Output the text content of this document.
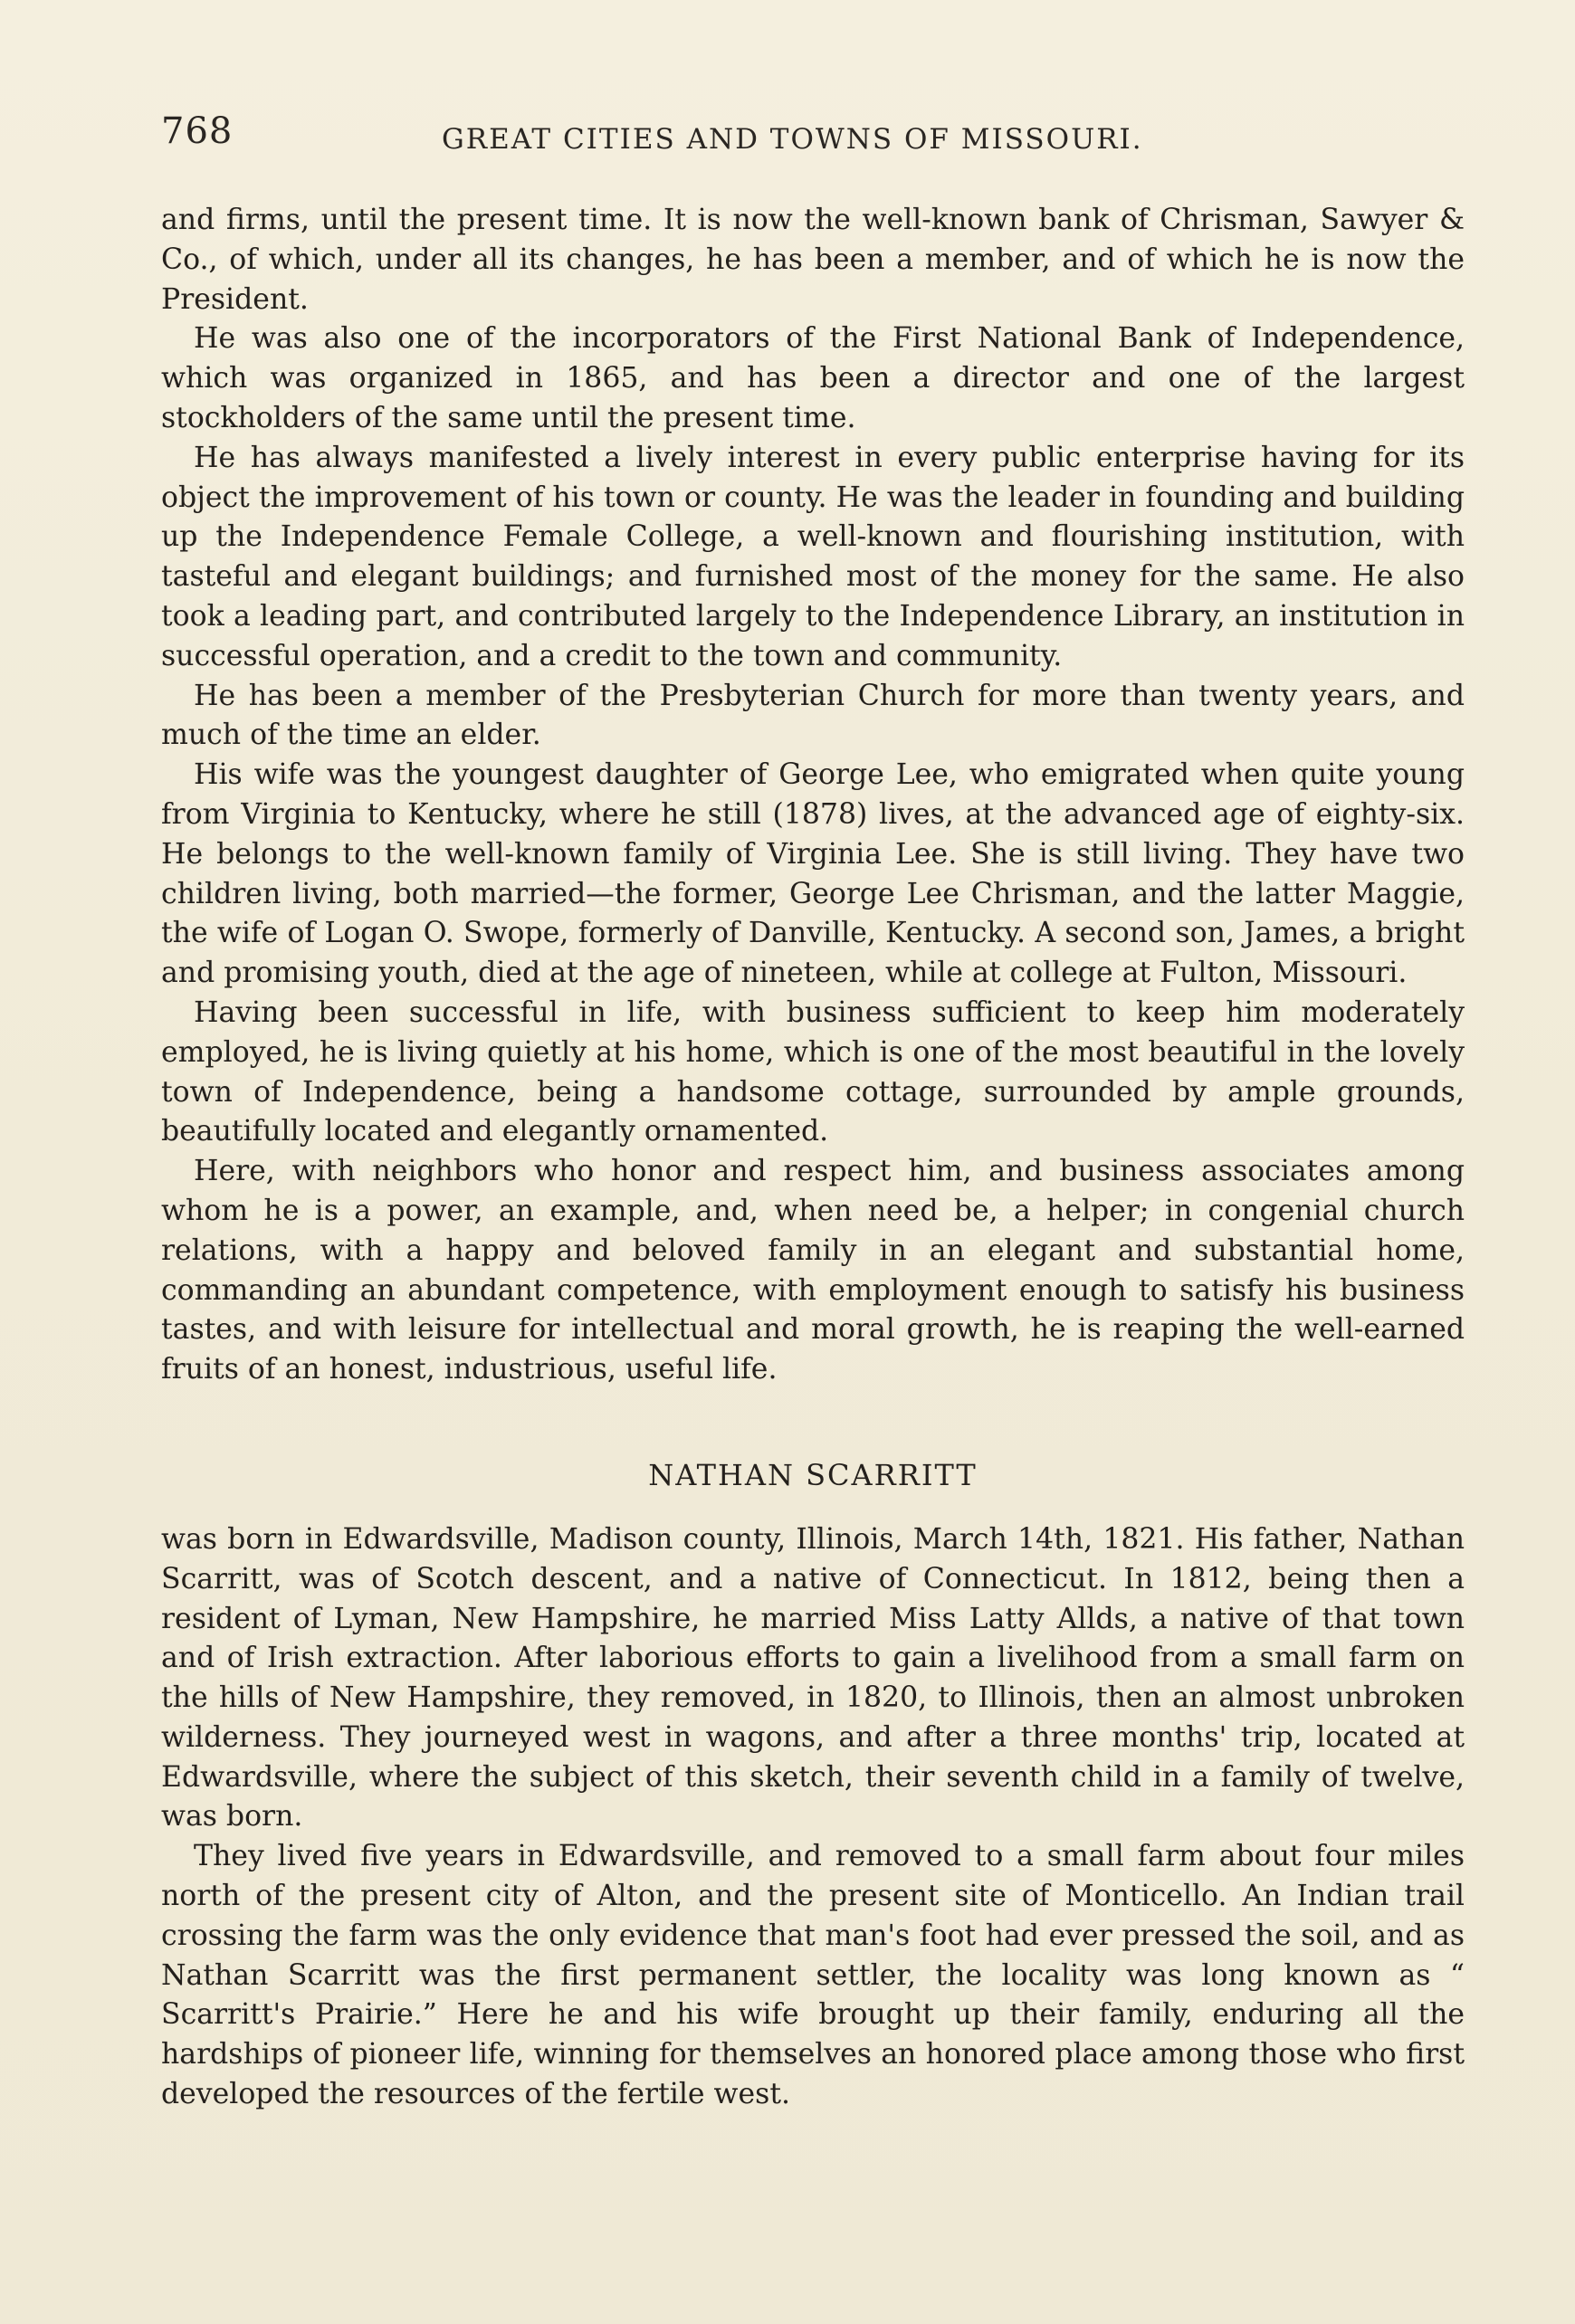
768	GREAT CITIES AND TOWNS OF MISSOURI.

and firms, until the present time. It is now the well-known bank of Chrisman, Sawyer & Co., of which, under all its changes, he has been a member, and of which he is now the President.

He was also one of the incorporators of the First National Bank of Independence, which was organized in 1865, and has been a director and one of the largest stockholders of the same until the present time.

He has always manifested a lively interest in every public enterprise having for its object the improvement of his town or county. He was the leader in founding and building up the Independence Female College, a well-known and flourishing institution, with tasteful and elegant buildings; and furnished most of the money for the same. He also took a leading part, and contributed largely to the Independence Library, an institution in successful operation, and a credit to the town and community.

He has been a member of the Presbyterian Church for more than twenty years, and much of the time an elder.

His wife was the youngest daughter of George Lee, who emigrated when quite young from Virginia to Kentucky, where he still (1878) lives, at the advanced age of eighty-six. He belongs to the well-known family of Virginia Lee. She is still living. They have two children living, both married—the former, George Lee Chrisman, and the latter Maggie, the wife of Logan O. Swope, formerly of Danville, Kentucky. A second son, James, a bright and promising youth, died at the age of nineteen, while at college at Fulton, Missouri.

Having been successful in life, with business sufficient to keep him moderately employed, he is living quietly at his home, which is one of the most beautiful in the lovely town of Independence, being a handsome cottage, surrounded by ample grounds, beautifully located and elegantly ornamented.

Here, with neighbors who honor and respect him, and business associates among whom he is a power, an example, and, when need be, a helper; in congenial church relations, with a happy and beloved family in an elegant and substantial home, commanding an abundant competence, with employment enough to satisfy his business tastes, and with leisure for intellectual and moral growth, he is reaping the well-earned fruits of an honest, industrious, useful life.

NATHAN SCARRITT

was born in Edwardsville, Madison county, Illinois, March 14th, 1821. His father, Nathan Scarritt, was of Scotch descent, and a native of Connecticut. In 1812, being then a resident of Lyman, New Hampshire, he married Miss Latty Allds, a native of that town and of Irish extraction. After laborious efforts to gain a livelihood from a small farm on the hills of New Hampshire, they removed, in 1820, to Illinois, then an almost unbroken wilderness. They journeyed west in wagons, and after a three months' trip, located at Edwardsville, where the subject of this sketch, their seventh child in a family of twelve, was born.

They lived five years in Edwardsville, and removed to a small farm about four miles north of the present city of Alton, and the present site of Monticello. An Indian trail crossing the farm was the only evidence that man's foot had ever pressed the soil, and as Nathan Scarritt was the first permanent settler, the locality was long known as “ Scarritt's Prairie.” Here he and his wife brought up their family, enduring all the hardships of pioneer life, winning for themselves an honored place among those who first developed the resources of the fertile west.
